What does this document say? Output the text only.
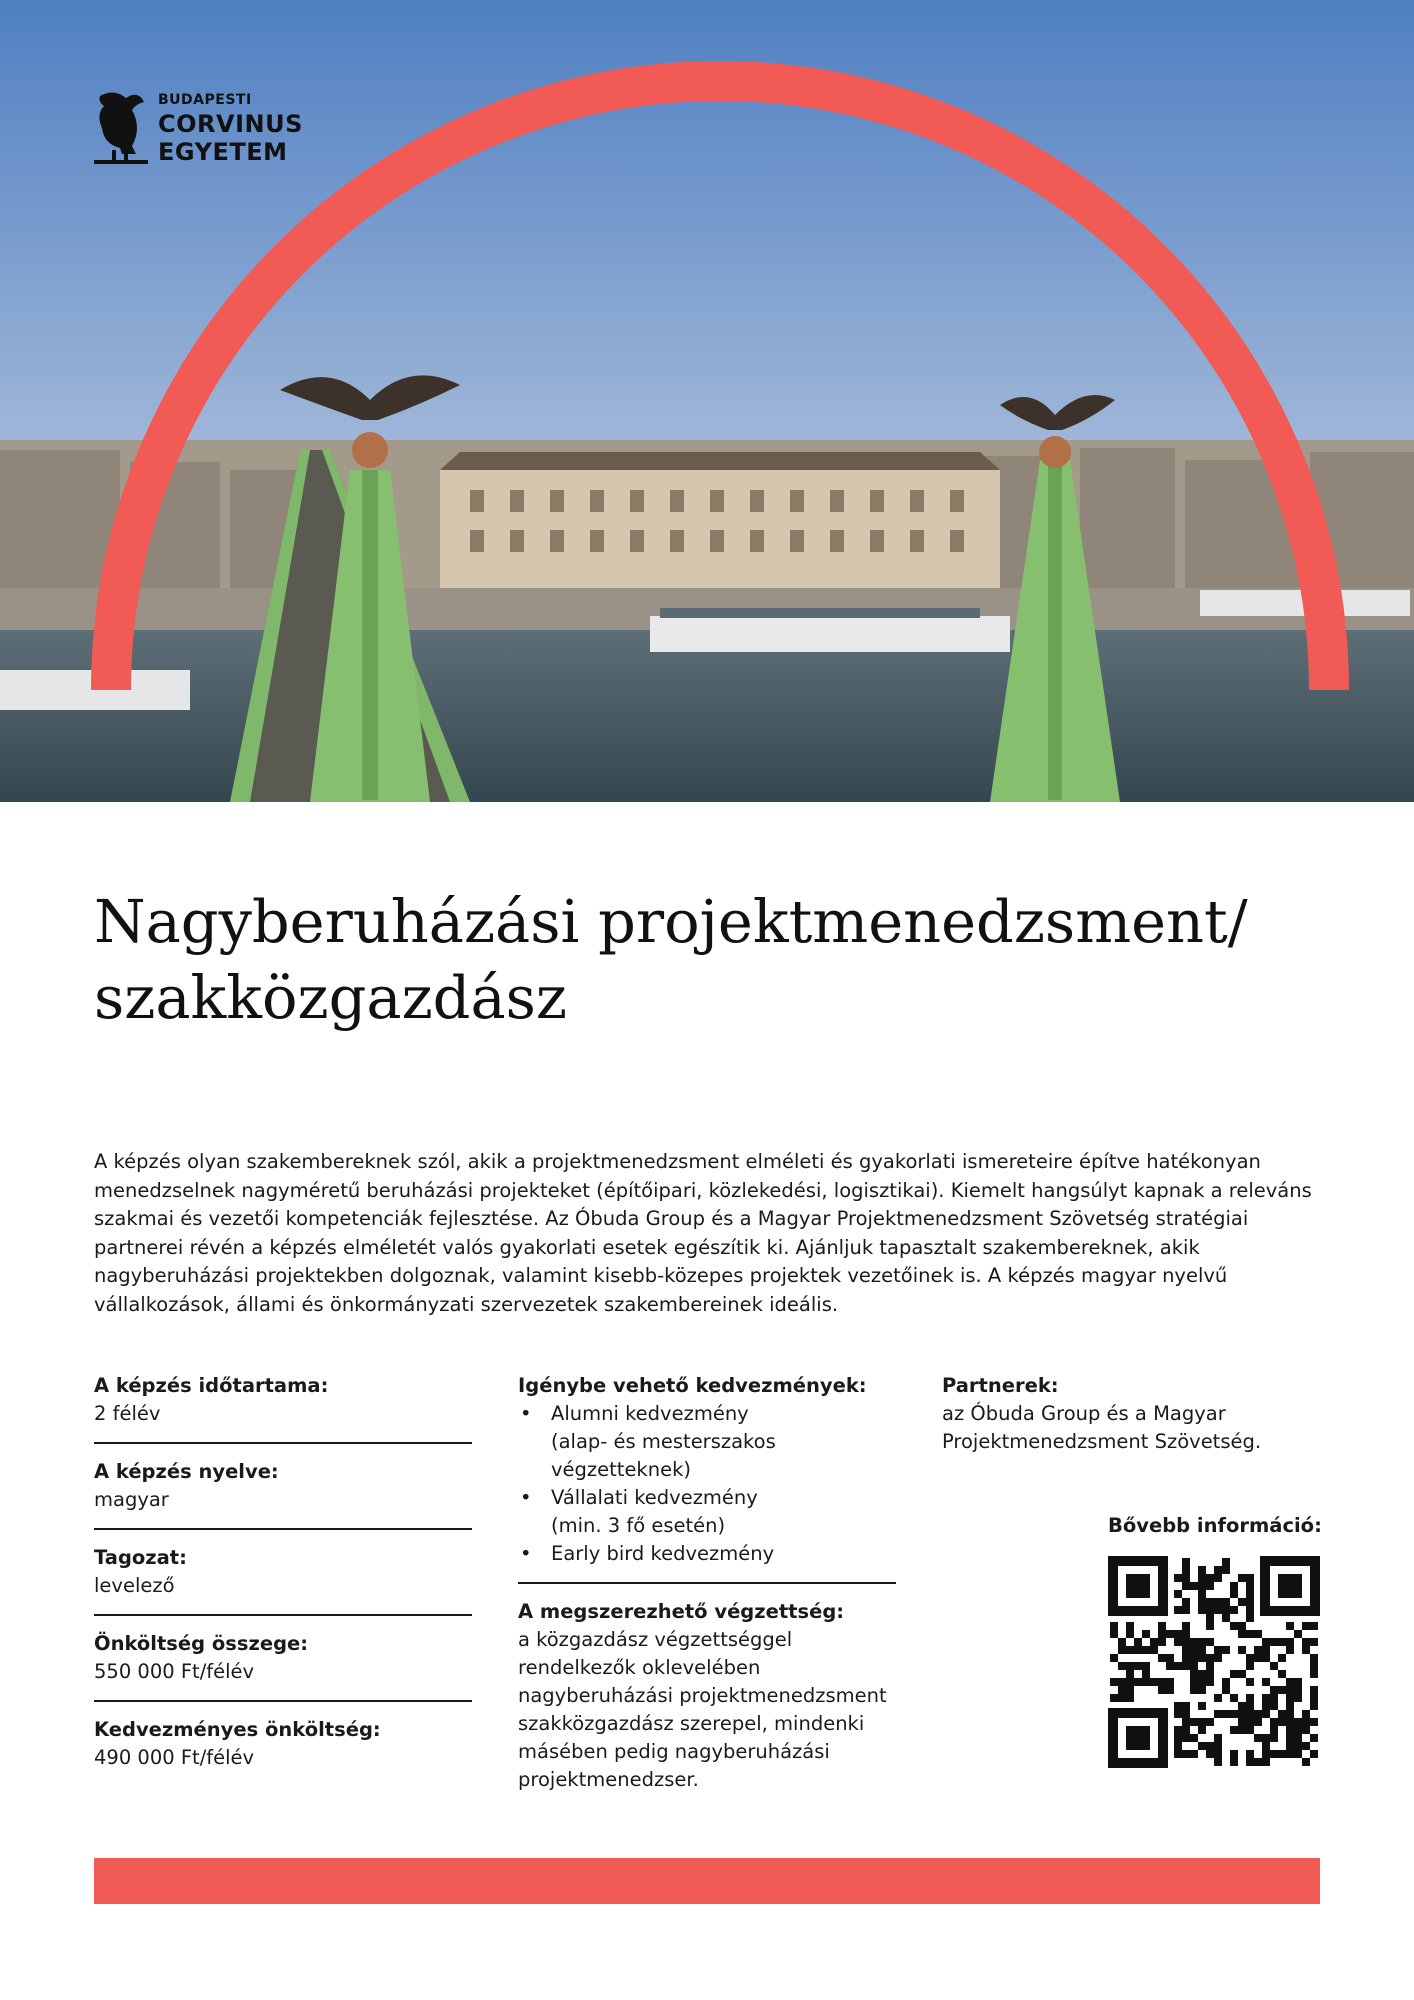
BUDAPESTI
CORVINUS
EGYETEM
Nagyberuházási projektmenedzsment/
szakközgazdász

A képzés olyan szakembereknek szól, akik a projektmenedzsment elméleti és gyakorlati ismereteire építve hatékonyan menedzselnek nagyméretű beruházási projekteket (építőipari, közlekedési, logisztikai). Kiemelt hangsúlyt kapnak a releváns szakmai és vezetői kompetenciák fejlesztése. Az Óbuda Group és a Magyar Projektmenedzsment Szövetség stratégiai partnerei révén a képzés elméletét valós gyakorlati esetek egészítik ki. Ajánljuk tapasztalt szakembereknek, akik nagyberuházási projektekben dolgoznak, valamint kisebb-közepes projektek vezetőinek is. A képzés magyar nyelvű vállalkozások, állami és önkormányzati szervezetek szakembereinek ideális.

A képzés időtartama:
2 félév
A képzés nyelve:
magyar
Tagozat:
levelező
Önköltség összege:
550 000 Ft/félév
Kedvezményes önköltség:
490 000 Ft/félév
Igénybe vehető kedvezmények:
• Alumni kedvezmény
(alap- és mesterszakos
végzetteknek)
• Vállalati kedvezmény
(min. 3 fő esetén)
• Early bird kedvezmény
A megszerezhető végzettség:
a közgazdász végzettséggel rendelkezők oklevelében nagyberuházási projektmenedzsment szakközgazdász szerepel, mindenki másében pedig nagyberuházási projektmenedzser.
Partnerek:
az Óbuda Group és a Magyar Projektmenedzsment Szövetség.
Bővebb információ:
